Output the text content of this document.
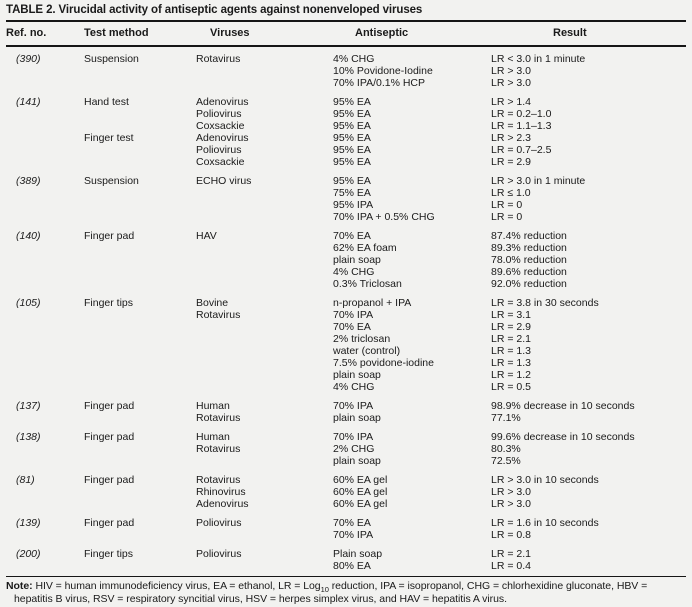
TABLE 2. Virucidal activity of antiseptic agents against nonenveloped viruses
Ref. no.	Test method	Viruses	Antiseptic	Result
(390)	Suspension	Rotavirus	4% CHG	LR < 3.0 in 1 minute
10% Povidone-Iodine	LR > 3.0
70% IPA/0.1% HCP	LR > 3.0
(141)	Hand test	Adenovirus	95% EA	LR > 1.4
Poliovirus	95% EA	LR = 0.2–1.0
Coxsackie	95% EA	LR = 1.1–1.3
Finger test	Adenovirus	95% EA	LR > 2.3
Poliovirus	95% EA	LR = 0.7–2.5
Coxsackie	95% EA	LR = 2.9
(389)	Suspension	ECHO virus	95% EA	LR > 3.0 in 1 minute
75% EA	LR ≤ 1.0
95% IPA	LR = 0
70% IPA + 0.5% CHG	LR = 0
(140)	Finger pad	HAV	70% EA	87.4% reduction
62% EA foam	89.3% reduction
plain soap	78.0% reduction
4% CHG	89.6% reduction
0.3% Triclosan	92.0% reduction
(105)	Finger tips	Bovine	n-propanol + IPA	LR = 3.8 in 30 seconds
Rotavirus	70% IPA	LR = 3.1
70% EA	LR = 2.9
2% triclosan	LR = 2.1
water (control)	LR = 1.3
7.5% povidone-iodine	LR = 1.3
plain soap	LR = 1.2
4% CHG	LR = 0.5
(137)	Finger pad	Human	70% IPA	98.9% decrease in 10 seconds
Rotavirus	plain soap	77.1%
(138)	Finger pad	Human	70% IPA	99.6% decrease in 10 seconds
Rotavirus	2% CHG	80.3%
plain soap	72.5%
(81)	Finger pad	Rotavirus	60% EA gel	LR > 3.0 in 10 seconds
Rhinovirus	60% EA gel	LR > 3.0
Adenovirus	60% EA gel	LR > 3.0
(139)	Finger pad	Poliovirus	70% EA	LR = 1.6 in 10 seconds
70% IPA	LR = 0.8
(200)	Finger tips	Poliovirus	Plain soap	LR = 2.1
80% EA	LR = 0.4
Note: HIV = human immunodeficiency virus, EA = ethanol, LR = Log$_{10}$ reduction, IPA = isopropanol, CHG = chlorhexidine gluconate, HBV = hepatitis B virus, RSV = respiratory syncitial virus, HSV = herpes simplex virus, and HAV = hepatitis A virus.
